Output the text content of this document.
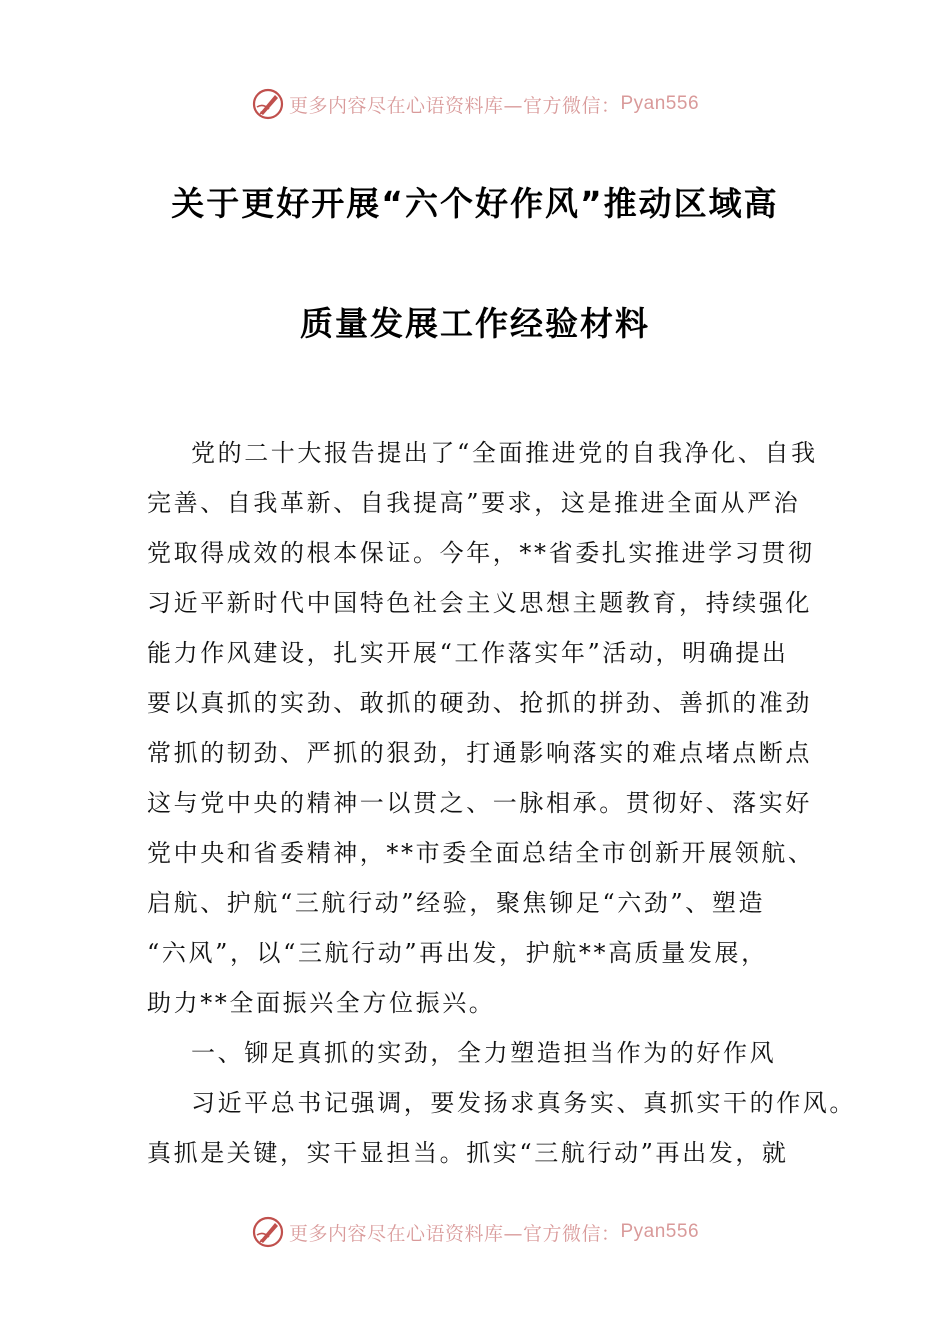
更多内容尽在心语资料库—官方微信： Pyan556
关于更好开展“六个好作风”推动区域高
质量发展工作经验材料
党的二十大报告提出了“全面推进党的自我净化、自我
完善、自我革新、自我提高”要求，这是推进全面从严治
党取得成效的根本保证。今年，**省委扎实推进学习贯彻
习近平新时代中国特色社会主义思想主题教育，持续强化
能力作风建设，扎实开展“工作落实年”活动，明确提出
要以真抓的实劲、敢抓的硬劲、抢抓的拼劲、善抓的准劲
常抓的韧劲、严抓的狠劲，打通影响落实的难点堵点断点
这与党中央的精神一以贯之、一脉相承。贯彻好、落实好
党中央和省委精神，**市委全面总结全市创新开展领航、
启航、护航“三航行动”经验，聚焦铆足“六劲”、塑造
“六风”，以“三航行动”再出发，护航**高质量发展，
助力**全面振兴全方位振兴。
一、铆足真抓的实劲，全力塑造担当作为的好作风
习近平总书记强调，要发扬求真务实、真抓实干的作风。
真抓是关键，实干显担当。抓实“三航行动”再出发，就
更多内容尽在心语资料库—官方微信： Pyan556
